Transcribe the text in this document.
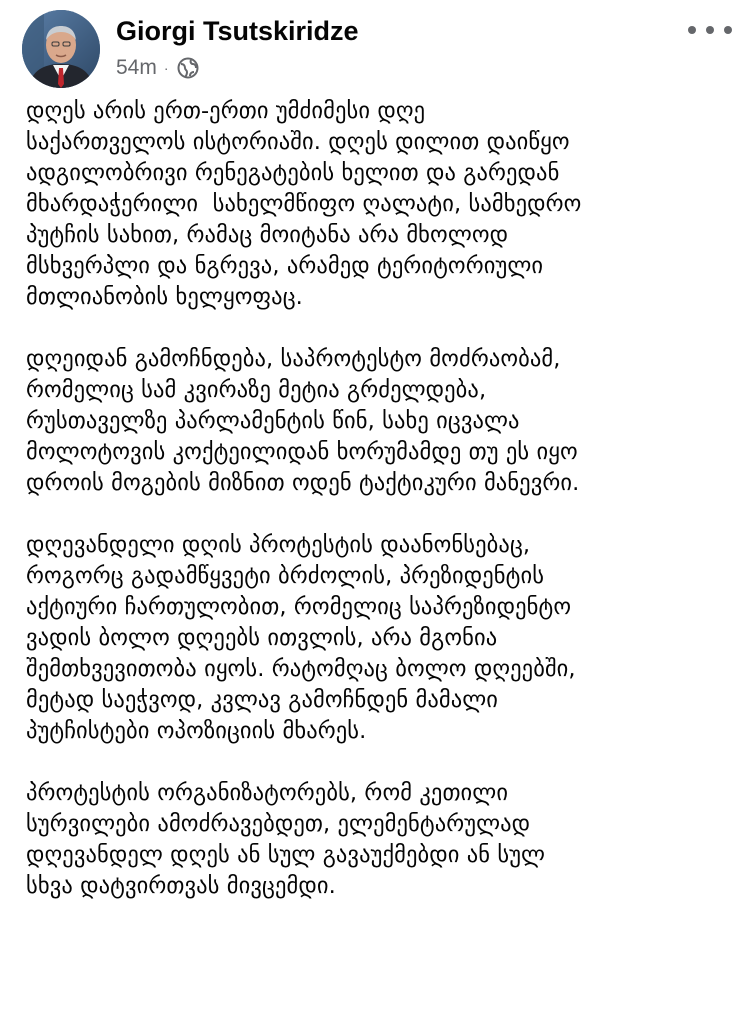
Giorgi Tsutskiridze
54m ·
დღეს არის ერთ-ერთი უმძიმესი დღე
საქართველოს ისტორიაში. დღეს დილით დაიწყო
ადგილობრივი რენეგატების ხელით და გარედან
მხარდაჭერილი  სახელმწიფო ღალატი, სამხედრო
პუტჩის სახით, რამაც მოიტანა არა მხოლოდ
მსხვერპლი და ნგრევა, არამედ ტერიტორიული
მთლიანობის ხელყოფაც.
დღეიდან გამოჩნდება, საპროტესტო მოძრაობამ,
რომელიც სამ კვირაზე მეტია გრძელდება,
რუსთაველზე პარლამენტის წინ, სახე იცვალა
მოლოტოვის კოქტეილიდან ხორუმამდე თუ ეს იყო
დროის მოგების მიზნით ოდენ ტაქტიკური მანევრი.
დღევანდელი დღის პროტესტის დაანონსებაც,
როგორც გადამწყვეტი ბრძოლის, პრეზიდენტის
აქტიური ჩართულობით, რომელიც საპრეზიდენტო
ვადის ბოლო დღეებს ითვლის, არა მგონია
შემთხვევითობა იყოს. რატომღაც ბოლო დღეებში,
მეტად საეჭვოდ, კვლავ გამოჩნდენ მამალი
პუტჩისტები ოპოზიციის მხარეს.
პროტესტის ორგანიზატორებს, რომ კეთილი
სურვილები ამოძრავებდეთ, ელემენტარულად
დღევანდელ დღეს ან სულ გავაუქმებდი ან სულ
სხვა დატვირთვას მივცემდი.
